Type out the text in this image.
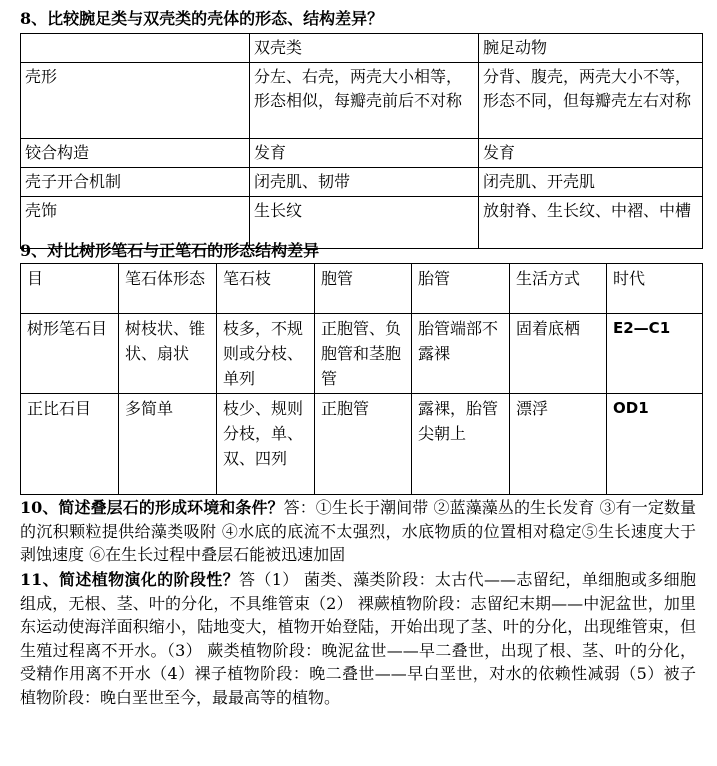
8、比较腕足类与双壳类的壳体的形态、结构差异？
	双壳类	腕足动物
壳形	分左、右壳，两壳大小相等，形态相似，每瓣壳前后不对称	分背、腹壳，两壳大小不等，形态不同，但每瓣壳左右对称
铰合构造	发育	发育
壳子开合机制	闭壳肌、韧带	闭壳肌、开壳肌
壳饰	生长纹	放射脊、生长纹、中褶、中槽
9、对比树形笔石与正笔石的形态结构差异
目	笔石体形态	笔石枝	胞管	胎管	生活方式	时代
树形笔石目	树枝状、锥状、扇状	枝多，不规则或分枝、单列	正胞管、负胞管和茎胞管	胎管端部不露裸	固着底栖	E2—C1
正比石目	多简单	枝少、规则分枝，单、双、四列	正胞管	露裸，胎管尖朝上	漂浮	OD1
10、简述叠层石的形成环境和条件？答：①生长于潮间带 ②蓝藻藻丛的生长发育 ③有一定数量的沉积颗粒提供给藻类吸附 ④水底的底流不太强烈，水底物质的位置相对稳定⑤生长速度大于剥蚀速度 ⑥在生长过程中叠层石能被迅速加固
11、简述植物演化的阶段性？答（1） 菌类、藻类阶段：太古代——志留纪，单细胞或多细胞组成，无根、茎、叶的分化，不具维管束（2） 裸蕨植物阶段：志留纪末期——中泥盆世，加里东运动使海洋面积缩小，陆地变大，植物开始登陆，开始出现了茎、叶的分化，出现维管束，但生殖过程离不开水。（3） 蕨类植物阶段：晚泥盆世——早二叠世，出现了根、茎、叶的分化，受精作用离不开水（4）裸子植物阶段：晚二叠世——早白垩世，对水的依赖性减弱（5）被子植物阶段：晚白垩世至今，最最高等的植物。
